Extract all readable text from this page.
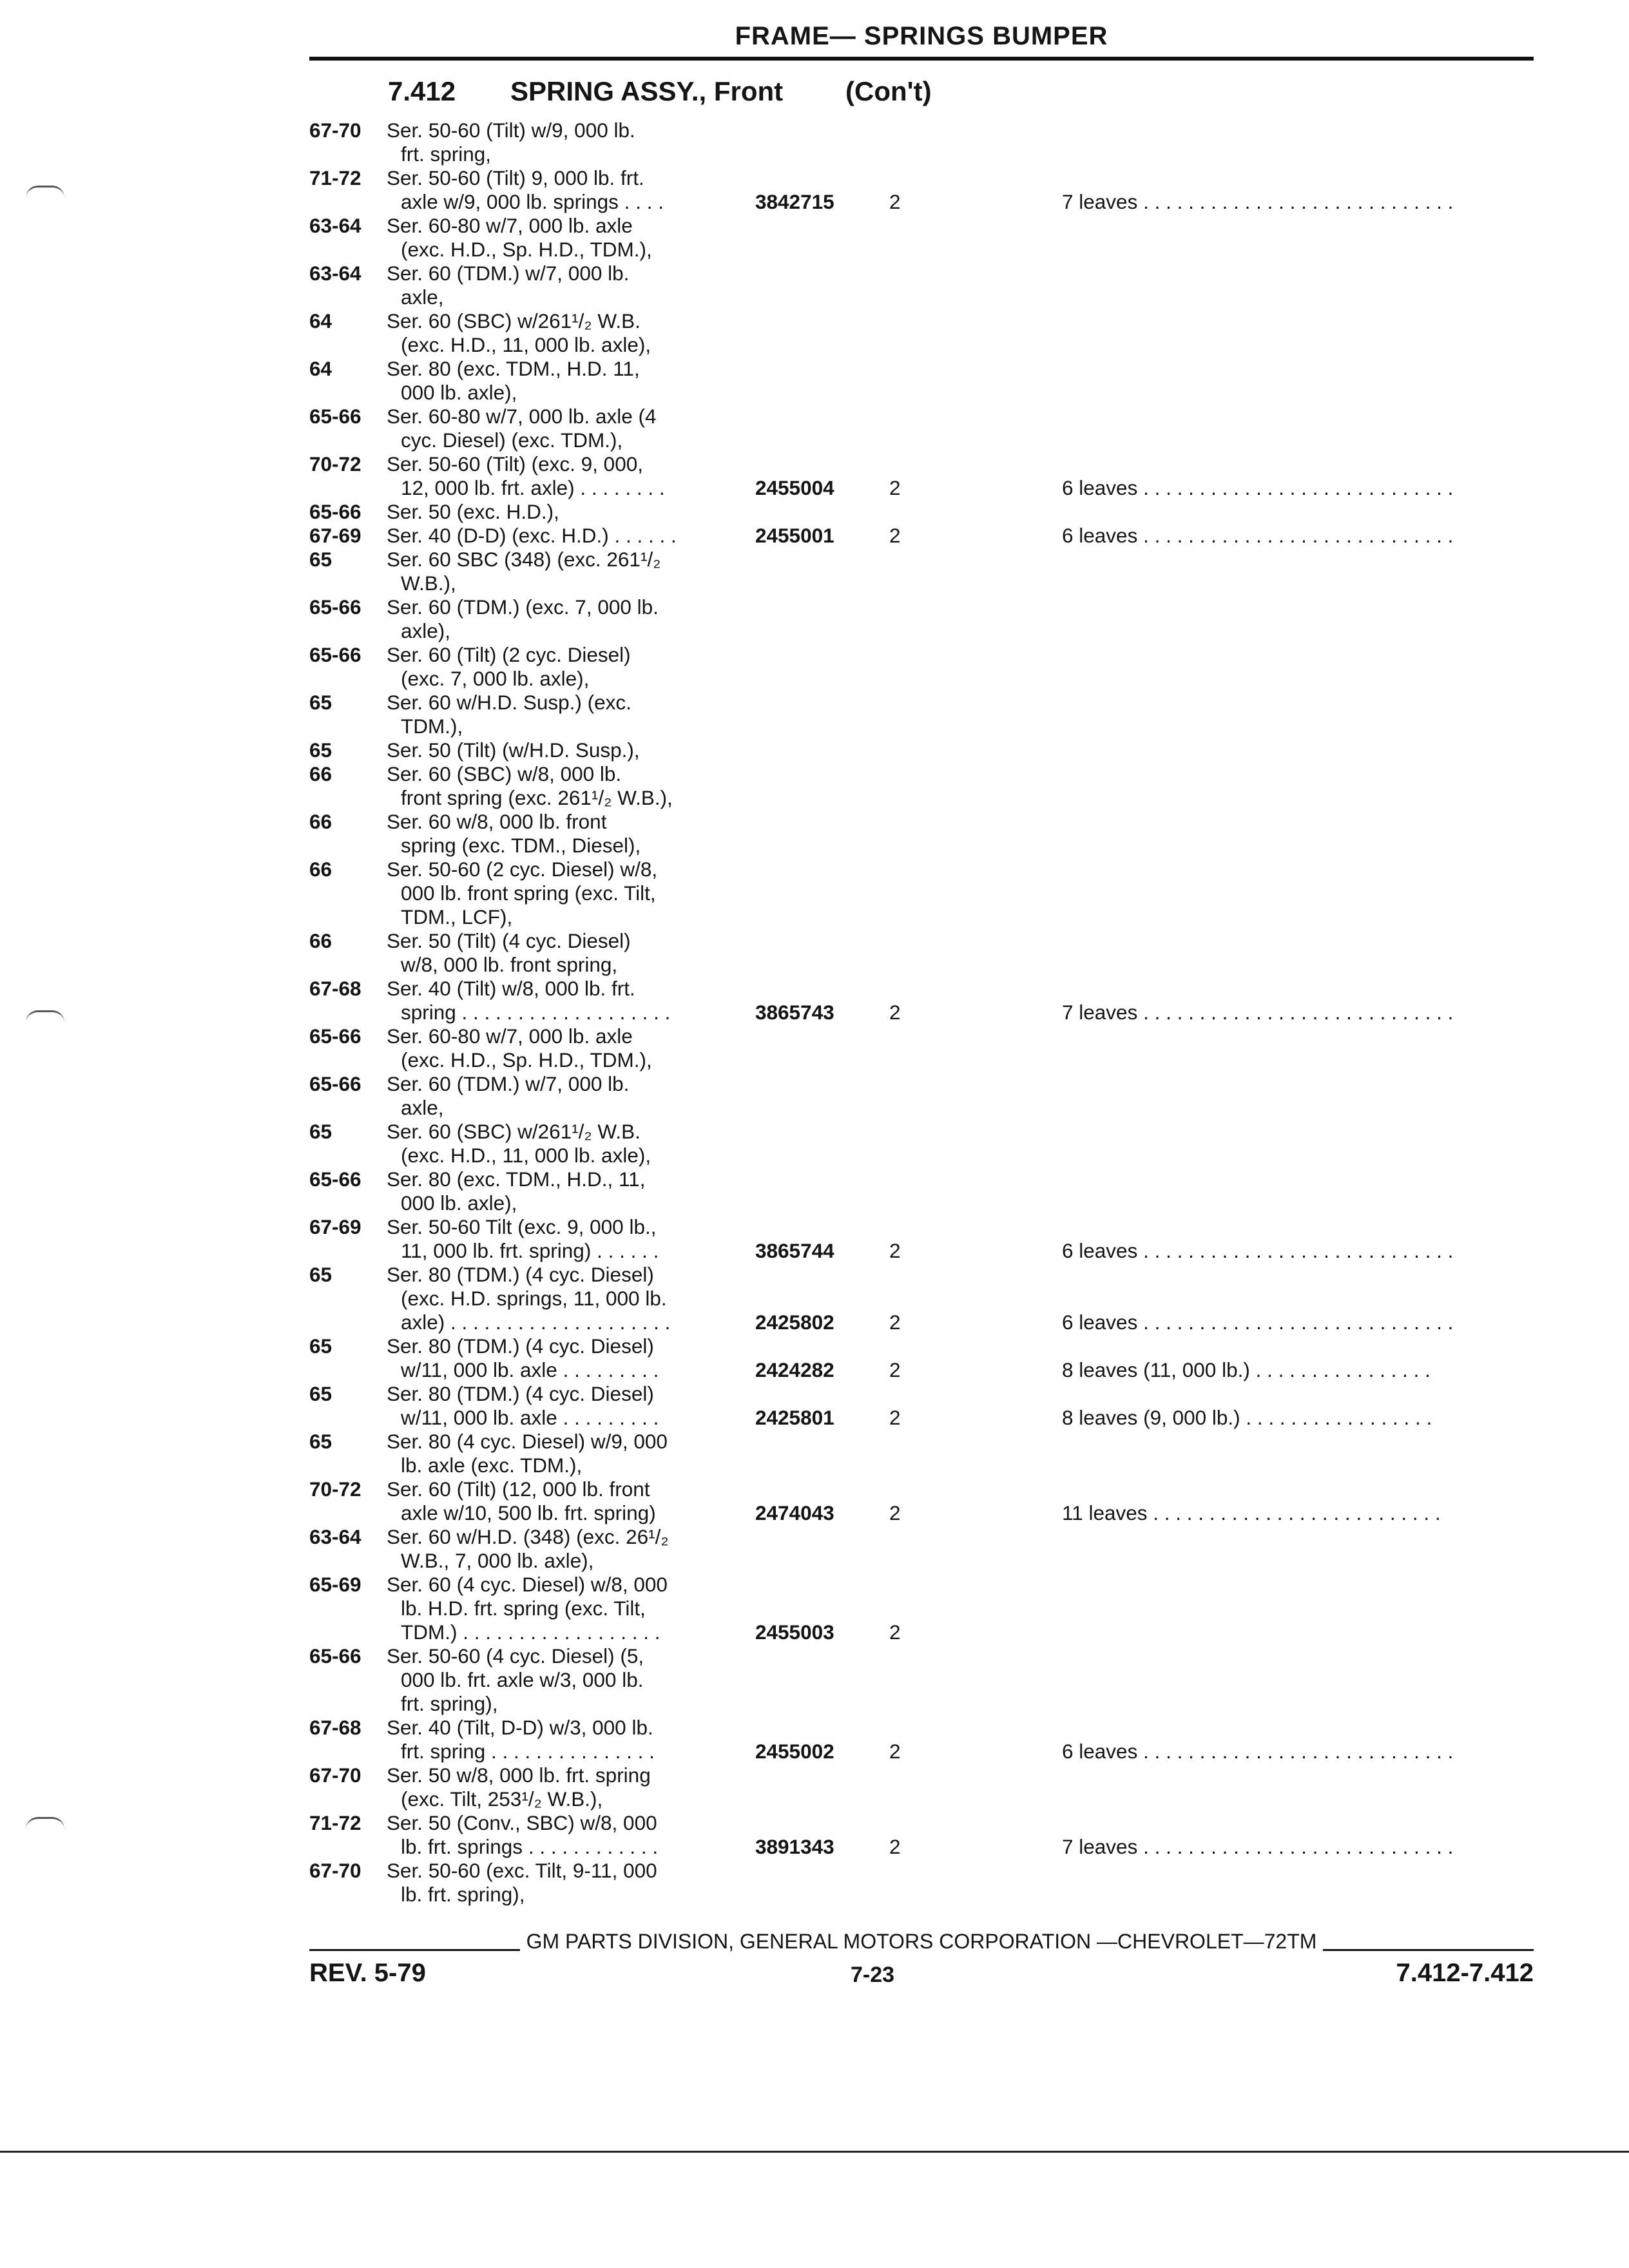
FRAME— SPRINGS BUMPER
7.412 SPRING ASSY., Front (Con't)
67-70	Ser. 50-60 (Tilt) w/9, 000 lb.
frt. spring,
71-72	Ser. 50-60 (Tilt) 9, 000 lb. frt.
axle w/9, 000 lb. springs . . . .	3842715	2	7 leaves . . . . . . . . . . . . . . . . . . . . . . . . . . . .
63-64	Ser. 60-80 w/7, 000 lb. axle
(exc. H.D., Sp. H.D., TDM.),
63-64	Ser. 60 (TDM.) w/7, 000 lb.
axle,
64	Ser. 60 (SBC) w/261¹/₂ W.B.
(exc. H.D., 11, 000 lb. axle),
64	Ser. 80 (exc. TDM., H.D. 11,
000 lb. axle),
65-66	Ser. 60-80 w/7, 000 lb. axle (4
cyc. Diesel) (exc. TDM.),
70-72	Ser. 50-60 (Tilt) (exc. 9, 000,
12, 000 lb. frt. axle) . . . . . . . .	2455004	2	6 leaves . . . . . . . . . . . . . . . . . . . . . . . . . . . .
65-66	Ser. 50 (exc. H.D.),
67-69	Ser. 40 (D-D) (exc. H.D.) . . . . . .	2455001	2	6 leaves . . . . . . . . . . . . . . . . . . . . . . . . . . . .
65	Ser. 60 SBC (348) (exc. 261¹/₂
W.B.),
65-66	Ser. 60 (TDM.) (exc. 7, 000 lb.
axle),
65-66	Ser. 60 (Tilt) (2 cyc. Diesel)
(exc. 7, 000 lb. axle),
65	Ser. 60 w/H.D. Susp.) (exc.
TDM.),
65	Ser. 50 (Tilt) (w/H.D. Susp.),
66	Ser. 60 (SBC) w/8, 000 lb.
front spring (exc. 261¹/₂ W.B.),
66	Ser. 60 w/8, 000 lb. front
spring (exc. TDM., Diesel),
66	Ser. 50-60 (2 cyc. Diesel) w/8,
000 lb. front spring (exc. Tilt,
TDM., LCF),
66	Ser. 50 (Tilt) (4 cyc. Diesel)
w/8, 000 lb. front spring,
67-68	Ser. 40 (Tilt) w/8, 000 lb. frt.
spring . . . . . . . . . . . . . . . . . . .	3865743	2	7 leaves . . . . . . . . . . . . . . . . . . . . . . . . . . . .
65-66	Ser. 60-80 w/7, 000 lb. axle
(exc. H.D., Sp. H.D., TDM.),
65-66	Ser. 60 (TDM.) w/7, 000 lb.
axle,
65	Ser. 60 (SBC) w/261¹/₂ W.B.
(exc. H.D., 11, 000 lb. axle),
65-66	Ser. 80 (exc. TDM., H.D., 11,
000 lb. axle),
67-69	Ser. 50-60 Tilt (exc. 9, 000 lb.,
11, 000 lb. frt. spring) . . . . . .	3865744	2	6 leaves . . . . . . . . . . . . . . . . . . . . . . . . . . . .
65	Ser. 80 (TDM.) (4 cyc. Diesel)
(exc. H.D. springs, 11, 000 lb.
axle) . . . . . . . . . . . . . . . . . . . .	2425802	2	6 leaves . . . . . . . . . . . . . . . . . . . . . . . . . . . .
65	Ser. 80 (TDM.) (4 cyc. Diesel)
w/11, 000 lb. axle . . . . . . . . .	2424282	2	8 leaves (11, 000 lb.) . . . . . . . . . . . . . . . .
65	Ser. 80 (TDM.) (4 cyc. Diesel)
w/11, 000 lb. axle . . . . . . . . .	2425801	2	8 leaves (9, 000 lb.) . . . . . . . . . . . . . . . . .
65	Ser. 80 (4 cyc. Diesel) w/9, 000
lb. axle (exc. TDM.),
70-72	Ser. 60 (Tilt) (12, 000 lb. front
axle w/10, 500 lb. frt. spring)	2474043	2	11 leaves . . . . . . . . . . . . . . . . . . . . . . . . . .
63-64	Ser. 60 w/H.D. (348) (exc. 26¹/₂
W.B., 7, 000 lb. axle),
65-69	Ser. 60 (4 cyc. Diesel) w/8, 000
lb. H.D. frt. spring (exc. Tilt,
TDM.) . . . . . . . . . . . . . . . . . .	2455003	2
65-66	Ser. 50-60 (4 cyc. Diesel) (5,
000 lb. frt. axle w/3, 000 lb.
frt. spring),
67-68	Ser. 40 (Tilt, D-D) w/3, 000 lb.
frt. spring . . . . . . . . . . . . . . .	2455002	2	6 leaves . . . . . . . . . . . . . . . . . . . . . . . . . . . .
67-70	Ser. 50 w/8, 000 lb. frt. spring
(exc. Tilt, 253¹/₂ W.B.),
71-72	Ser. 50 (Conv., SBC) w/8, 000
lb. frt. springs . . . . . . . . . . . .	3891343	2	7 leaves . . . . . . . . . . . . . . . . . . . . . . . . . . . .
67-70	Ser. 50-60 (exc. Tilt, 9-11, 000
lb. frt. spring),
GM PARTS DIVISION, GENERAL MOTORS CORPORATION —CHEVROLET—72TM
REV. 5-79	7-23	7.412-7.412
